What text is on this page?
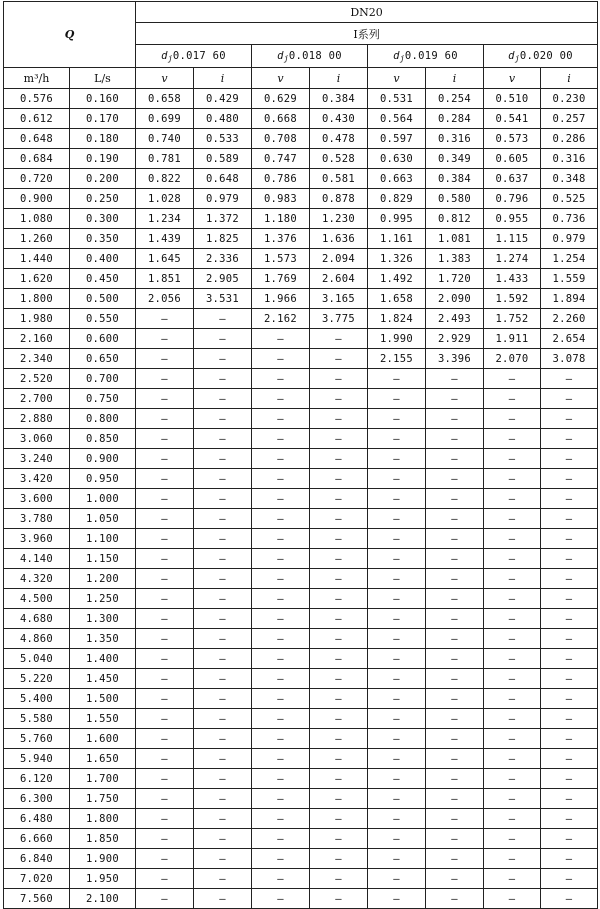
Q		DN20							
		Ⅰ系列							
		dj0.017 60		dj0.018 00		dj0.019 60		dj0.020 00	
m³/h	L/s	v	i	v	i	v	i	v	i
0.576	0.160	0.658	0.429	0.629	0.384	0.531	0.254	0.510	0.230
0.612	0.170	0.699	0.480	0.668	0.430	0.564	0.284	0.541	0.257
0.648	0.180	0.740	0.533	0.708	0.478	0.597	0.316	0.573	0.286
0.684	0.190	0.781	0.589	0.747	0.528	0.630	0.349	0.605	0.316
0.720	0.200	0.822	0.648	0.786	0.581	0.663	0.384	0.637	0.348
0.900	0.250	1.028	0.979	0.983	0.878	0.829	0.580	0.796	0.525
1.080	0.300	1.234	1.372	1.180	1.230	0.995	0.812	0.955	0.736
1.260	0.350	1.439	1.825	1.376	1.636	1.161	1.081	1.115	0.979
1.440	0.400	1.645	2.336	1.573	2.094	1.326	1.383	1.274	1.254
1.620	0.450	1.851	2.905	1.769	2.604	1.492	1.720	1.433	1.559
1.800	0.500	2.056	3.531	1.966	3.165	1.658	2.090	1.592	1.894
1.980	0.550	—	—	2.162	3.775	1.824	2.493	1.752	2.260
2.160	0.600	—	—	—	—	1.990	2.929	1.911	2.654
2.340	0.650	—	—	—	—	2.155	3.396	2.070	3.078
2.520	0.700	—	—	—	—	—	—	—	—
2.700	0.750	—	—	—	—	—	—	—	—
2.880	0.800	—	—	—	—	—	—	—	—
3.060	0.850	—	—	—	—	—	—	—	—
3.240	0.900	—	—	—	—	—	—	—	—
3.420	0.950	—	—	—	—	—	—	—	—
3.600	1.000	—	—	—	—	—	—	—	—
3.780	1.050	—	—	—	—	—	—	—	—
3.960	1.100	—	—	—	—	—	—	—	—
4.140	1.150	—	—	—	—	—	—	—	—
4.320	1.200	—	—	—	—	—	—	—	—
4.500	1.250	—	—	—	—	—	—	—	—
4.680	1.300	—	—	—	—	—	—	—	—
4.860	1.350	—	—	—	—	—	—	—	—
5.040	1.400	—	—	—	—	—	—	—	—
5.220	1.450	—	—	—	—	—	—	—	—
5.400	1.500	—	—	—	—	—	—	—	—
5.580	1.550	—	—	—	—	—	—	—	—
5.760	1.600	—	—	—	—	—	—	—	—
5.940	1.650	—	—	—	—	—	—	—	—
6.120	1.700	—	—	—	—	—	—	—	—
6.300	1.750	—	—	—	—	—	—	—	—
6.480	1.800	—	—	—	—	—	—	—	—
6.660	1.850	—	—	—	—	—	—	—	—
6.840	1.900	—	—	—	—	—	—	—	—
7.020	1.950	—	—	—	—	—	—	—	—
7.560	2.100	—	—	—	—	—	—	—	—
